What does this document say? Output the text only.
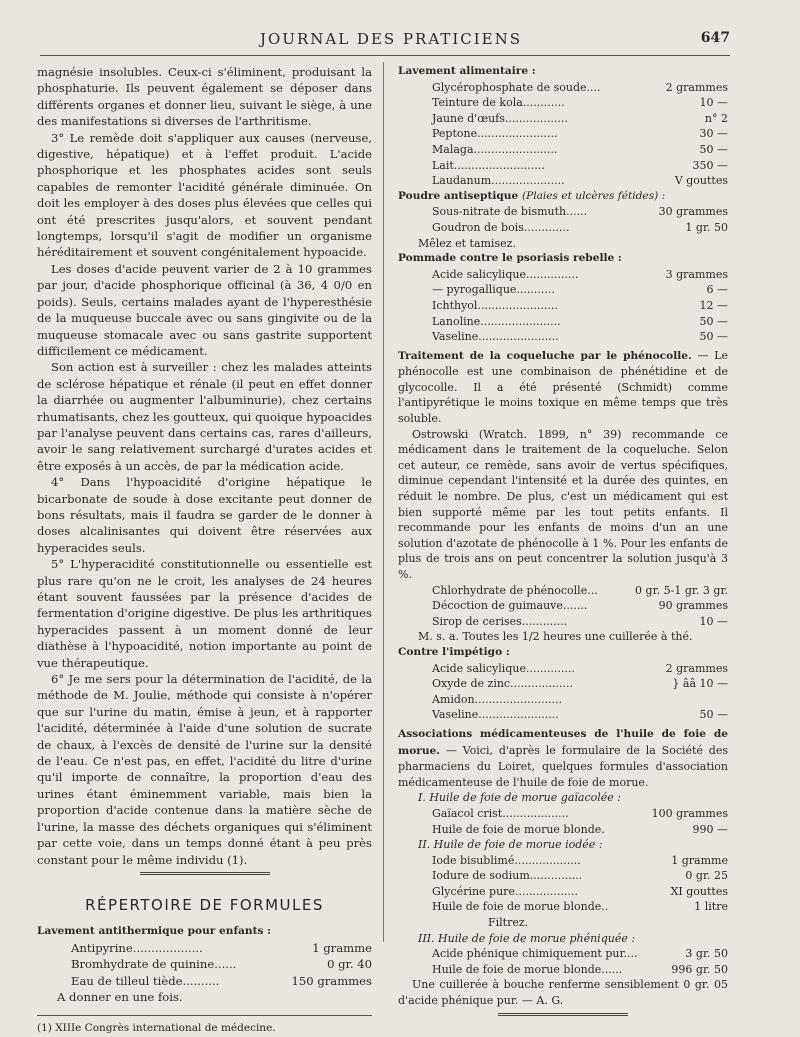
JOURNAL DES PRATICIENS	647

magnésie insolubles. Ceux-ci s'éliminent, produisant la phosphaturie. Ils peuvent également se déposer dans différents organes et donner lieu, suivant le siège, à une des manifestations si diverses de l'arthritisme.

3° Le remède doit s'appliquer aux causes (nerveuse, digestive, hépatique) et à l'effet produit. L'acide phosphorique et les phosphates acides sont seuls capables de remonter l'acidité générale diminuée. On doit les employer à des doses plus élevées que celles qui ont été prescrites jusqu'alors, et souvent pendant longtemps, lorsqu'il s'agit de modifier un organisme héréditairement et souvent congénitalement hypoacide.

Les doses d'acide peuvent varier de 2 à 10 grammes par jour, d'acide phosphorique officinal (à 36, 4 0/0 en poids). Seuls, certains malades ayant de l'hyperesthésie de la muqueuse buccale avec ou sans gingivite ou de la muqueuse stomacale avec ou sans gastrite supportent difficilement ce médicament.

Son action est à surveiller : chez les malades atteints de sclérose hépatique et rénale (il peut en effet donner la diarrhée ou augmenter l'albuminurie), chez certains rhumatisants, chez les goutteux, qui quoique hypoacides par l'analyse peuvent dans certains cas, rares d'ailleurs, avoir le sang relativement surchargé d'urates acides et être exposés à un accès, de par la médication acide.

4° Dans l'hypoacidité d'origine hépatique le bicarbonate de soude à dose excitante peut donner de bons résultats, mais il faudra se garder de le donner à doses alcalinisantes qui doivent être réservées aux hyperacides seuls.

5° L'hyperacidité constitutionnelle ou essentielle est plus rare qu'on ne le croit, les analyses de 24 heures étant souvent faussées par la présence d'acides de fermentation d'origine digestive. De plus les arthritiques hyperacides passent à un moment donné de leur diathèse à l'hypoacidité, notion importante au point de vue thérapeutique.

6° Je me sers pour la détermination de l'acidité, de la méthode de M. Joulie, méthode qui consiste à n'opérer que sur l'urine du matin, émise à jeun, et à rapporter l'acidité, déterminée à l'aide d'une solution de sucrate de chaux, à l'excès de densité de l'urine sur la densité de l'eau. Ce n'est pas, en effet, l'acidité du litre d'urine qu'il importe de connaître, la proportion d'eau des urines étant éminemment variable, mais bien la proportion d'acide contenue dans la matière sèche de l'urine, la masse des déchets organiques qui s'éliminent par cette voie, dans un temps donné étant à peu près constant pour le même individu (1).

RÉPERTOIRE DE FORMULES
Lavement antithermique pour enfants :
Antipyrine...................	1 gramme
Bromhydrate de quinine......	0 gr. 40
Eau de tilleul tiède..........	150 grammes
A donner en une fois.
(1) XIIIe Congrès international de médecine.
Lavement alimentaire :
Glycérophosphate de soude....	2 grammes
Teinture de kola............	10 —
Jaune d'œufs..................	n° 2
Peptone.......................	30 —
Malaga........................	50 —
Lait..........................	350 —
Laudanum.....................	V gouttes
Poudre antiseptique (Plaies et ulcères fétides) :
Sous-nitrate de bismuth......	30 grammes
Goudron de bois.............	1 gr. 50
Mêlez et tamisez.
Pommade contre le psoriasis rebelle :
Acide salicylique...............	3 grammes
— pyrogallique...........	6 —
Ichthyol.......................	12 —
Lanoline.......................	50 —
Vaseline.......................	50 —

Traitement de la coqueluche par le phénocolle. — Le phénocolle est une combinaison de phénétidine et de glycocolle. Il a été présenté (Schmidt) comme l'antipyrétique le moins toxique en même temps que très soluble.

Ostrowski (Wratch. 1899, n° 39) recommande ce médicament dans le traitement de la coqueluche. Selon cet auteur, ce remède, sans avoir de vertus spécifiques, diminue cependant l'intensité et la durée des quintes, en réduit le nombre. De plus, c'est un médicament qui est bien supporté même par les tout petits enfants. Il recommande pour les enfants de moins d'un an une solution d'azotate de phénocolle à 1 %. Pour les enfants de plus de trois ans on peut concentrer la solution jusqu'à 3 %.

Chlorhydrate de phénocolle...	0 gr. 5-1 gr. 3 gr.
Décoction de guimauve.......	90 grammes
Sirop de cerises.............	10 —
M. s. a. Toutes les 1/2 heures une cuillerée à thé.
Contre l'impétigo :
Acide salicylique..............	2 grammes
Oxyde de zinc..................	} ââ 10 —
Amidon.........................
Vaseline.......................	50 —

Associations médicamenteuses de l'huile de foie de morue. — Voici, d'après le formulaire de la Société des pharmaciens du Loiret, quelques formules d'association médicamenteuse de l'huile de foie de morue.

I. Huile de foie de morue gaïacolée :
Gaïacol crist...................	100 grammes
Huile de foie de morue blonde.	990 —
II. Huile de foie de morue iodée :
Iode bisublimé...................	1 gramme
Iodure de sodium...............	0 gr. 25
Glycérine pure..................	XI gouttes
Huile de foie de morue blonde..	1 litre
Filtrez.
III. Huile de foie de morue phéniquée :
Acide phénique chimiquement pur....	3 gr. 50
Huile de foie de morue blonde......	996 gr. 50

Une cuillerée à bouche renferme sensiblement 0 gr. 05 d'acide phénique pur. — A. G.
